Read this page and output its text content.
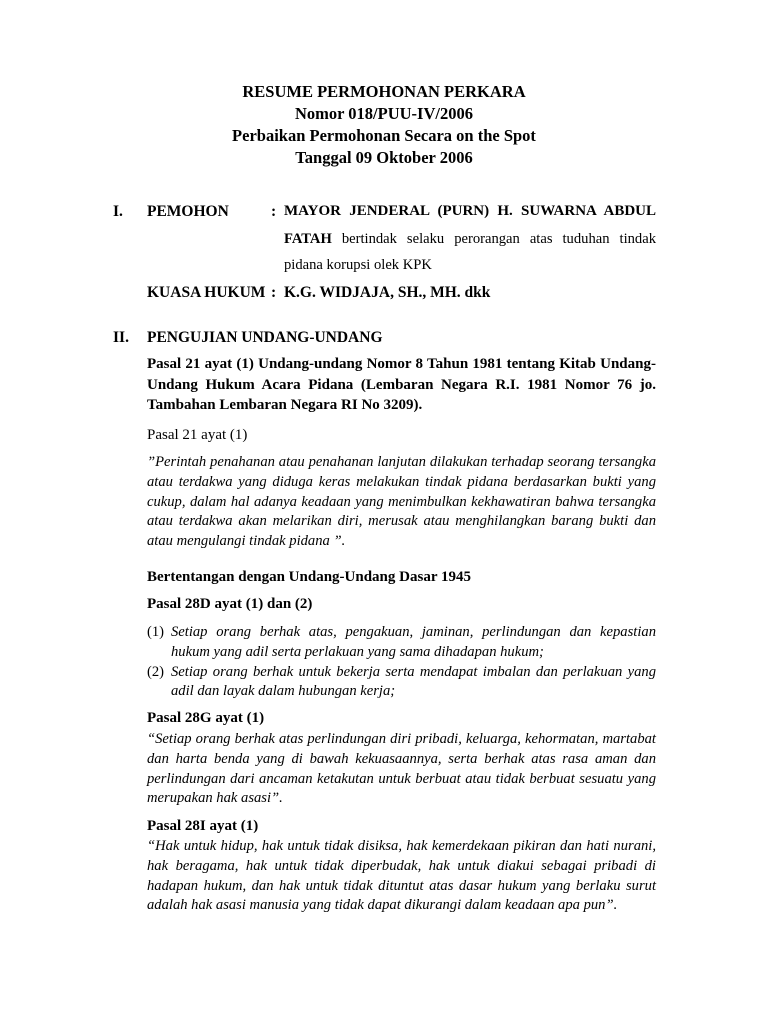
RESUME PERMOHONAN PERKARA
Nomor 018/PUU-IV/2006
Perbaikan Permohonan Secara on the Spot
Tanggal 09 Oktober 2006
I. PEMOHON	: MAYOR JENDERAL (PURN) H. SUWARNA ABDUL
FATAH bertindak selaku perorangan atas tuduhan tindak
pidana korupsi olek KPK
KUASA HUKUM : K.G. WIDJAJA, SH., MH. dkk
II. PENGUJIAN UNDANG-UNDANG
Pasal 21 ayat (1) Undang-undang Nomor 8 Tahun 1981 tentang Kitab Undang-Undang Hukum Acara Pidana (Lembaran Negara R.I. 1981 Nomor 76 jo. Tambahan Lembaran Negara RI No 3209).
Pasal 21 ayat (1)
”Perintah penahanan atau penahanan lanjutan dilakukan terhadap seorang tersangka atau terdakwa yang diduga keras melakukan tindak pidana berdasarkan bukti yang cukup, dalam hal adanya keadaan yang menimbulkan kekhawatiran bahwa tersangka atau terdakwa akan melarikan diri, merusak atau menghilangkan barang bukti dan atau mengulangi tindak pidana ”.
Bertentangan dengan Undang-Undang Dasar 1945
Pasal 28D ayat (1) dan (2)
(1) Setiap orang berhak atas, pengakuan, jaminan, perlindungan dan kepastian hukum yang adil serta perlakuan yang sama dihadapan hukum;
(2) Setiap orang berhak untuk bekerja serta mendapat imbalan dan perlakuan yang adil dan layak dalam hubungan kerja;
Pasal 28G ayat (1)
“Setiap orang berhak atas perlindungan diri pribadi, keluarga, kehormatan, martabat dan harta benda yang di bawah kekuasaannya, serta berhak atas rasa aman dan perlindungan dari ancaman ketakutan untuk berbuat atau tidak berbuat sesuatu yang merupakan hak asasi”.
Pasal 28I ayat (1)
“Hak untuk hidup, hak untuk tidak disiksa, hak kemerdekaan pikiran dan hati nurani, hak beragama, hak untuk tidak diperbudak, hak untuk diakui sebagai pribadi di hadapan hukum, dan hak untuk tidak dituntut atas dasar hukum yang berlaku surut adalah hak asasi manusia yang tidak dapat dikurangi dalam keadaan apa pun”.
